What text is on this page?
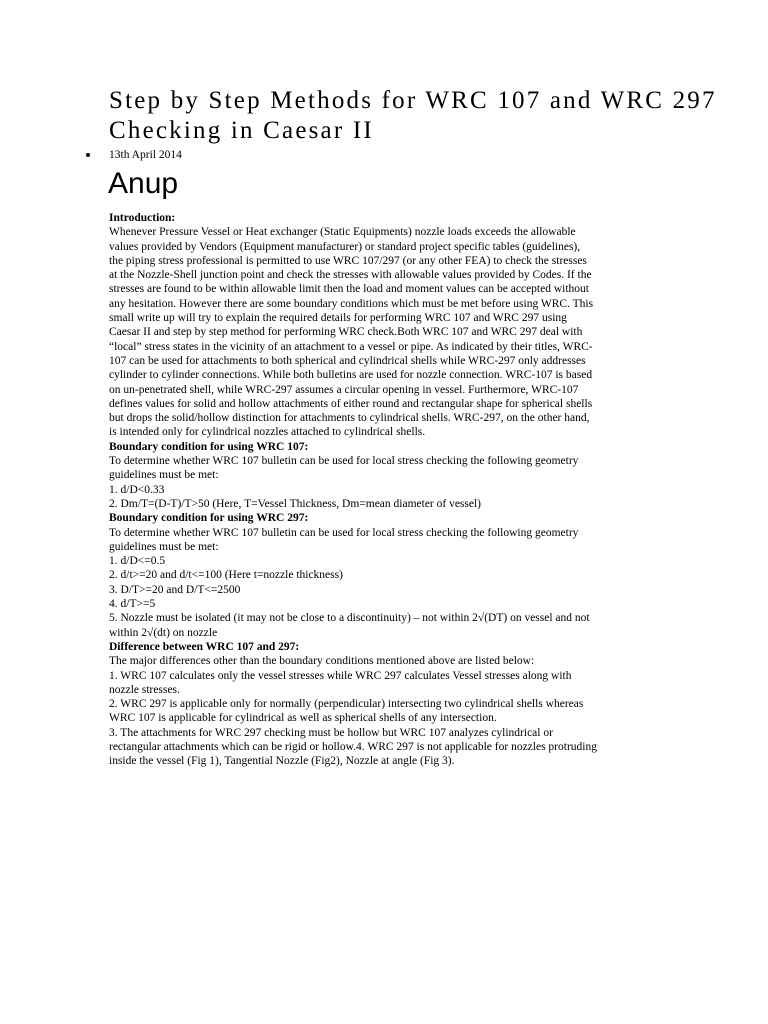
Step by Step Methods for WRC 107 and WRC 297 Checking in Caesar II
13th April 2014
Anup
Introduction:
Whenever Pressure Vessel or Heat exchanger (Static Equipments) nozzle loads exceeds the allowable
values provided by Vendors (Equipment manufacturer) or standard project specific tables (guidelines),
the piping stress professional is permitted to use WRC 107/297 (or any other FEA) to check the stresses
at the Nozzle-Shell junction point and check the stresses with allowable values provided by Codes. If the
stresses are found to be within allowable limit then the load and moment values can be accepted without
any hesitation. However there are some boundary conditions which must be met before using WRC. This
small write up will try to explain the required details for performing WRC 107 and WRC 297 using
Caesar II and step by step method for performing WRC check.Both WRC 107 and WRC 297 deal with
“local” stress states in the vicinity of an attachment to a vessel or pipe. As indicated by their titles, WRC-
107 can be used for attachments to both spherical and cylindrical shells while WRC-297 only addresses
cylinder to cylinder connections. While both bulletins are used for nozzle connection. WRC-107 is based
on un-penetrated shell, while WRC-297 assumes a circular opening in vessel. Furthermore, WRC-107
defines values for solid and hollow attachments of either round and rectangular shape for spherical shells
but drops the solid/hollow distinction for attachments to cylindrical shells. WRC-297, on the other hand,
is intended only for cylindrical nozzles attached to cylindrical shells.
Boundary condition for using WRC 107:
To determine whether WRC 107 bulletin can be used for local stress checking the following geometry
guidelines must be met:
1. d/D<0.33
2. Dm/T=(D-T)/T>50 (Here, T=Vessel Thickness, Dm=mean diameter of vessel)
Boundary condition for using WRC 297:
To determine whether WRC 107 bulletin can be used for local stress checking the following geometry
guidelines must be met:
1. d/D<=0.5
2. d/t>=20 and d/t<=100 (Here t=nozzle thickness)
3. D/T>=20 and D/T<=2500
4. d/T>=5
5. Nozzle must be isolated (it may not be close to a discontinuity) – not within 2√(DT) on vessel and not
within 2√(dt) on nozzle
Difference between WRC 107 and 297:
The major differences other than the boundary conditions mentioned above are listed below:
1. WRC 107 calculates only the vessel stresses while WRC 297 calculates Vessel stresses along with
nozzle stresses.
2. WRC 297 is applicable only for normally (perpendicular) intersecting two cylindrical shells whereas
WRC 107 is applicable for cylindrical as well as spherical shells of any intersection.
3. The attachments for WRC 297 checking must be hollow but WRC 107 analyzes cylindrical or
rectangular attachments which can be rigid or hollow.4. WRC 297 is not applicable for nozzles protruding
inside the vessel (Fig 1), Tangential Nozzle (Fig2), Nozzle at angle (Fig 3).
